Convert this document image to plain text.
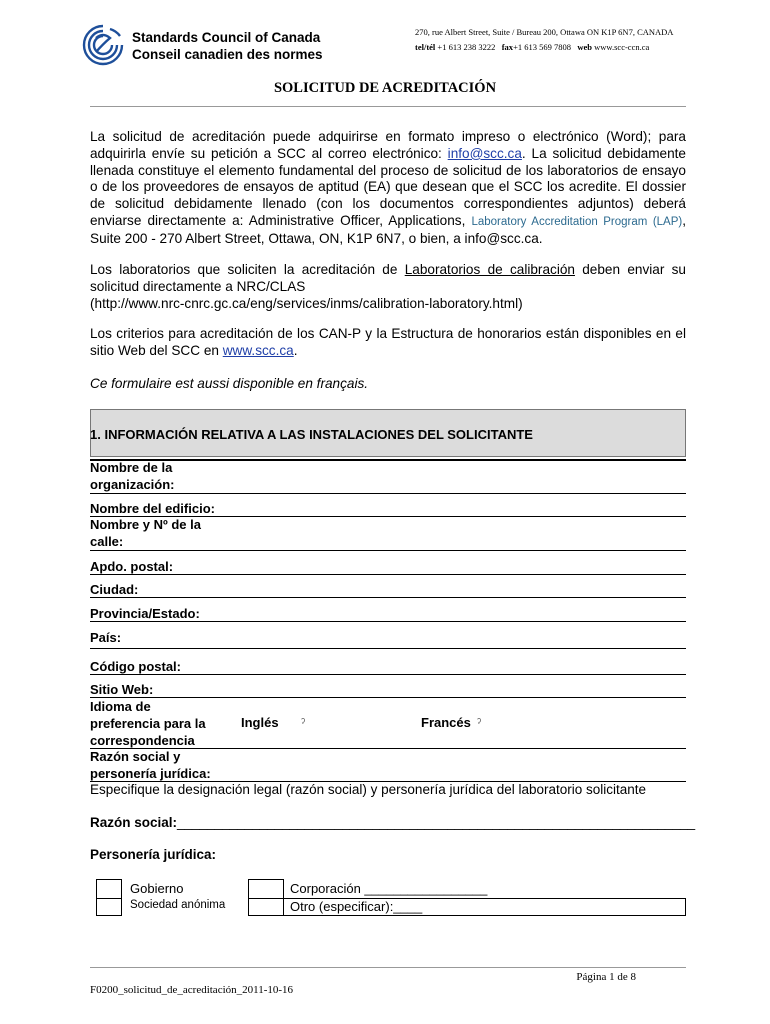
Standards Council of Canada
Conseil canadien des normes
270, rue Albert Street, Suite / Bureau 200, Ottawa ON K1P 6N7, CANADA
tel/tél +1 613 238 3222 fax+1 613 569 7808 web www.scc-ccn.ca
SOLICITUD DE ACREDITACIÓN
La solicitud de acreditación puede adquirirse en formato impreso o electrónico (Word); para adquirirla envíe su petición a SCC al correo electrónico: info@scc.ca. La solicitud debidamente llenada constituye el elemento fundamental del proceso de solicitud de los laboratorios de ensayo o de los proveedores de ensayos de aptitud (EA) que desean que el SCC los acredite. El dossier de solicitud debidamente llenado (con los documentos correspondientes adjuntos) deberá enviarse directamente a: Administrative Officer, Applications, Laboratory Accreditation Program (LAP), Suite 200 - 270 Albert Street, Ottawa, ON, K1P 6N7, o bien, a info@scc.ca.
Los laboratorios que soliciten la acreditación de Laboratorios de calibración deben enviar su solicitud directamente a NRC/CLAS
(http://www.nrc-cnrc.gc.ca/eng/services/inms/calibration-laboratory.html)
Los criterios para acreditación de los CAN-P y la Estructura de honorarios están disponibles en el sitio Web del SCC en www.scc.ca.
Ce formulaire est aussi disponible en français.
1. INFORMACIÓN RELATIVA A LAS INSTALACIONES DEL SOLICITANTE
Nombre de la
organización:
Nombre del edificio:
Nombre y Nº de la
calle:
Apdo. postal:
Ciudad:
Provincia/Estado:
País:
Código postal:
Sitio Web:
Idioma de
preferencia para la
correspondencia
Inglés ˀ	Francés ˀ
Razón social y
personería jurídica:
Especifique la designación legal (razón social) y personería jurídica del laboratorio solicitante
Razón social:_____________________________________________________________________
Personería jurídica:
Gobierno
Sociedad anónima
Corporación _________________
Otro (especificar):____
Página 1 de 8
F0200_solicitud_de_acreditación_2011-10-16
